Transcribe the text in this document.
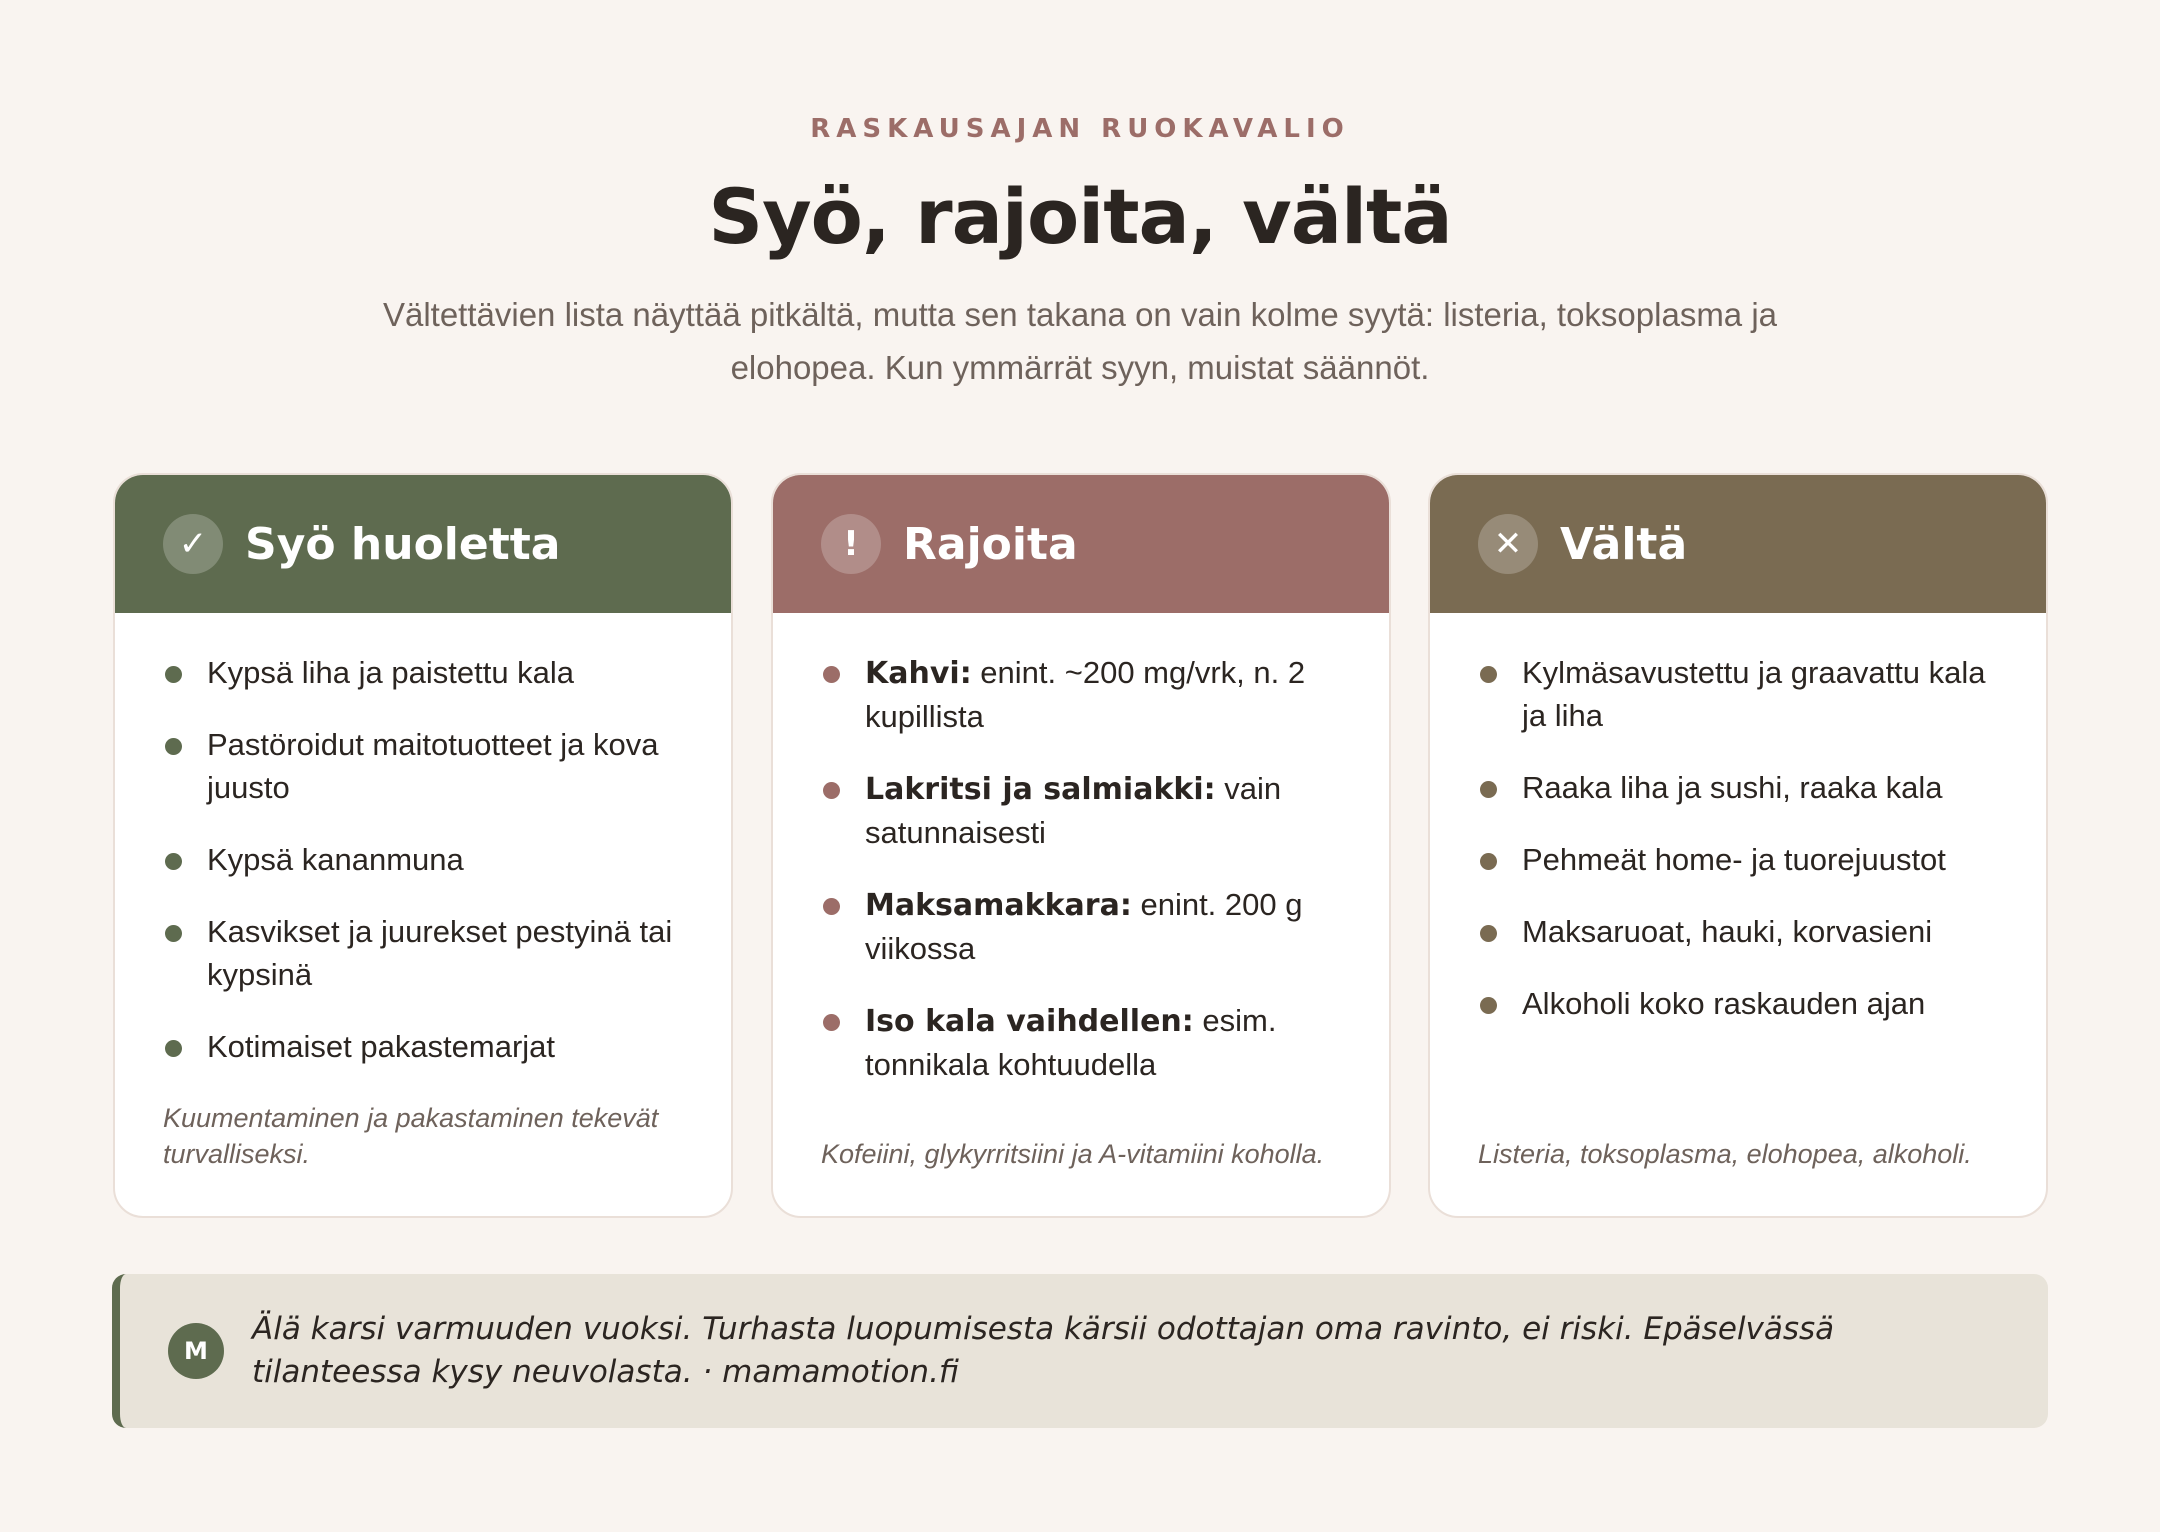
RASKAUSAJAN RUOKAVALIO
Syö, rajoita, vältä

Vältettävien lista näyttää pitkältä, mutta sen takana on vain kolme syytä: listeria, toksoplasma ja elohopea. Kun ymmärrät syyn, muistat säännöt.

✓ Syö huoletta
Kypsä liha ja paistettu kala
Pastöroidut maitotuotteet ja kova juusto
Kypsä kananmuna
Kasvikset ja juurekset pestyinä tai kypsinä
Kotimaiset pakastemarjat

Kuumentaminen ja pakastaminen tekevät turvalliseksi.

!	Rajoita
Kahvi: enint. ~200 mg/vrk, n. 2 kupillista
Lakritsi ja salmiakki: vain satunnaisesti
Maksamakkara: enint. 200 g viikossa
Iso kala vaihdellen: esim. tonnikala kohtuudella

Kofeiini, glykyrritsiini ja A-vitamiini koholla.

✕ Vältä
Kylmäsavustettu ja graavattu kala ja liha
Raaka liha ja sushi, raaka kala
Pehmeät home- ja tuorejuustot
Maksaruoat, hauki, korvasieni
Alkoholi koko raskauden ajan

Listeria, toksoplasma, elohopea, alkoholi.

M

Älä karsi varmuuden vuoksi. Turhasta luopumisesta kärsii odottajan oma ravinto, ei riski. Epäselvässä tilanteessa kysy neuvolasta. · mamamotion.fi
